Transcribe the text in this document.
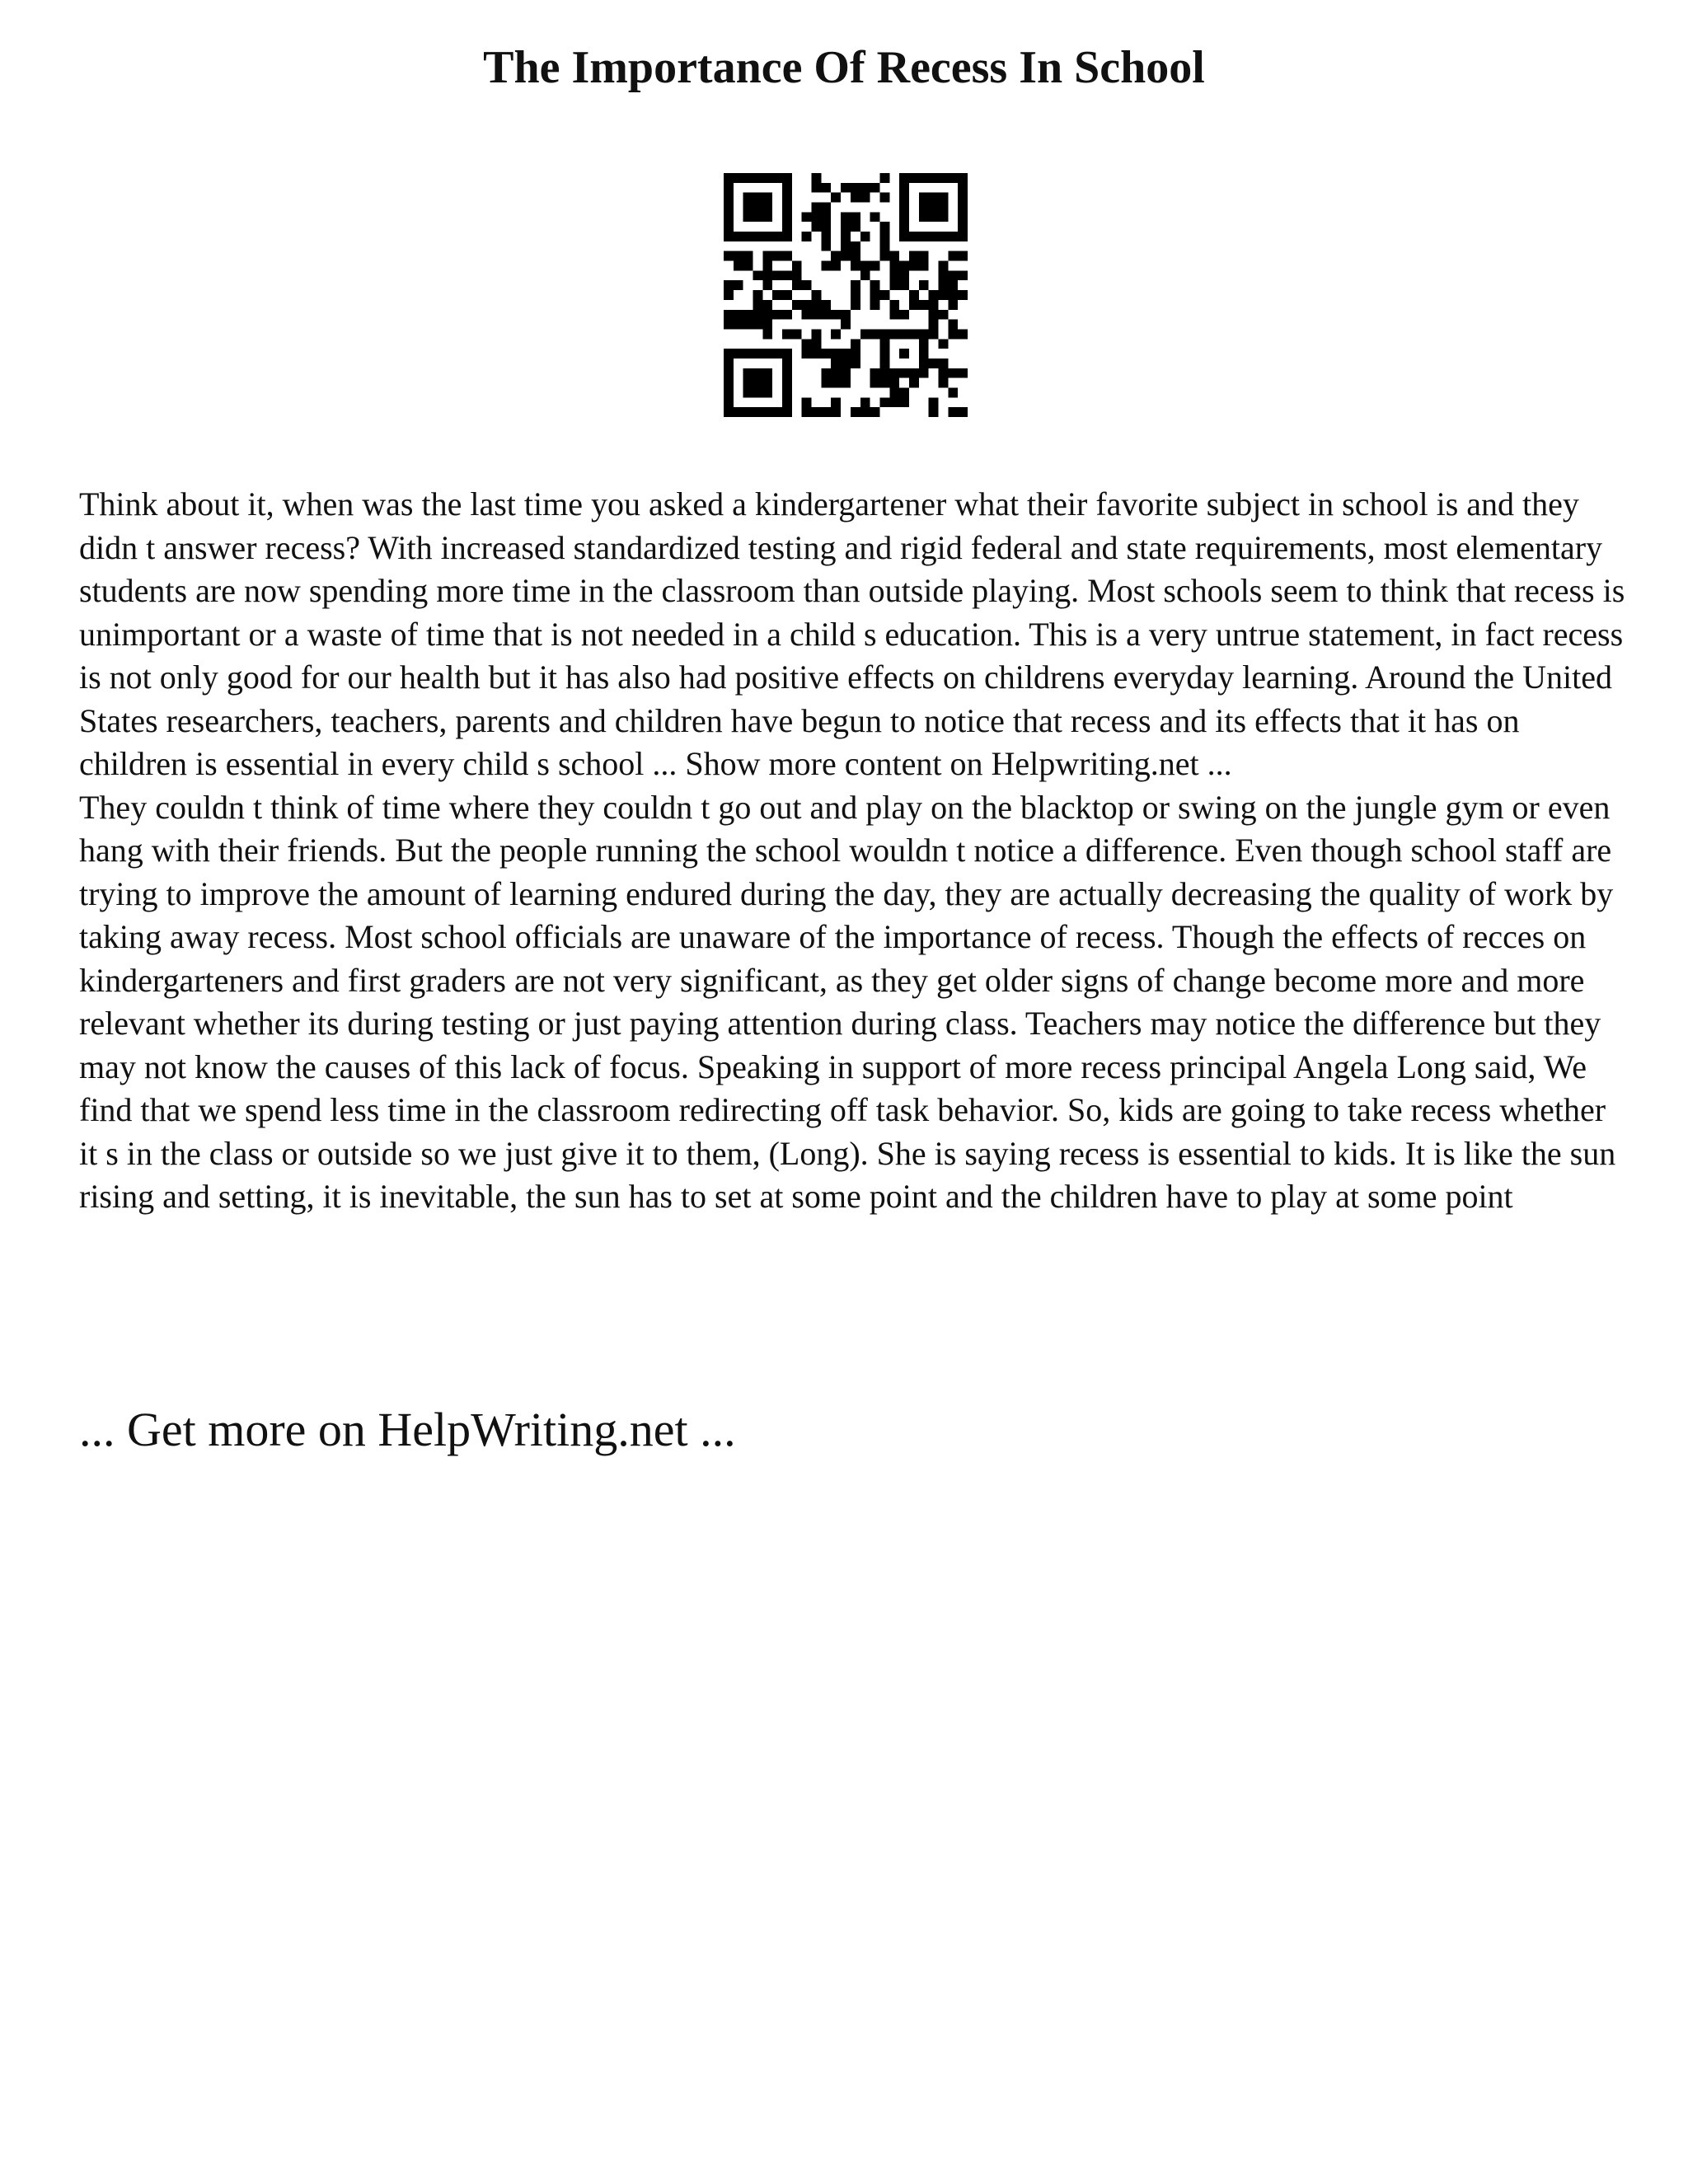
The Importance Of Recess In School

Think about it, when was the last time you asked a kindergartener what their favorite subject in school is and they didn t answer recess? With increased standardized testing and rigid federal and state requirements, most elementary students are now spending more time in the classroom than outside playing. Most schools seem to think that recess is unimportant or a waste of time that is not needed in a child s education. This is a very untrue statement, in fact recess is not only good for our health but it has also had positive effects on childrens everyday learning. Around the United States researchers, teachers, parents and children have begun to notice that recess and its effects that it has on children is essential in every child s school ... Show more content on Helpwriting.net ...

They couldn t think of time where they couldn t go out and play on the blacktop or swing on the jungle gym or even hang with their friends. But the people running the school wouldn t notice a difference. Even though school staff are trying to improve the amount of learning endured during the day, they are actually decreasing the quality of work by taking away recess. Most school officials are unaware of the importance of recess. Though the effects of recces on kindergarteners and first graders are not very significant, as they get older signs of change become more and more relevant whether its during testing or just paying attention during class. Teachers may notice the difference but they may not know the causes of this lack of focus. Speaking in support of more recess principal Angela Long said, We find that we spend less time in the classroom redirecting off task behavior. So, kids are going to take recess whether it s in the class or outside so we just give it to them, (Long). She is saying recess is essential to kids. It is like the sun rising and setting, it is inevitable, the sun has to set at some point and the children have to play at some point

... Get more on HelpWriting.net ...
